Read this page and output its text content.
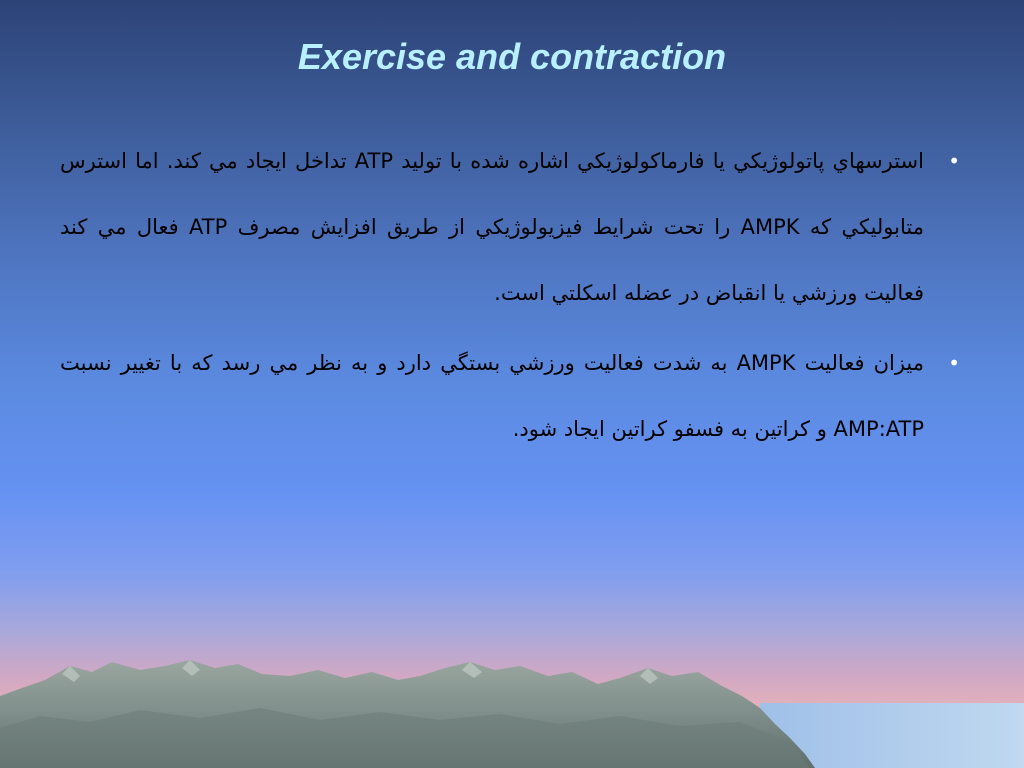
Exercise and contraction
•
استرسهاي پاتولوژيکي يا فارماکولوژيکي اشاره شده با توليد ATP تداخل ايجاد مي کند. اما استرس متابوليکي که AMPK را تحت شرايط فيزيولوژيکي از طريق افزايش مصرف ATP فعال مي کند فعاليت ورزشي يا انقباض در عضله اسکلتي است.
•
ميزان فعاليت AMPK به شدت فعاليت ورزشي بستگي دارد و به نظر مي رسد که با تغيير نسبت AMP:ATP و کراتين به فسفو کراتين ايجاد شود.
